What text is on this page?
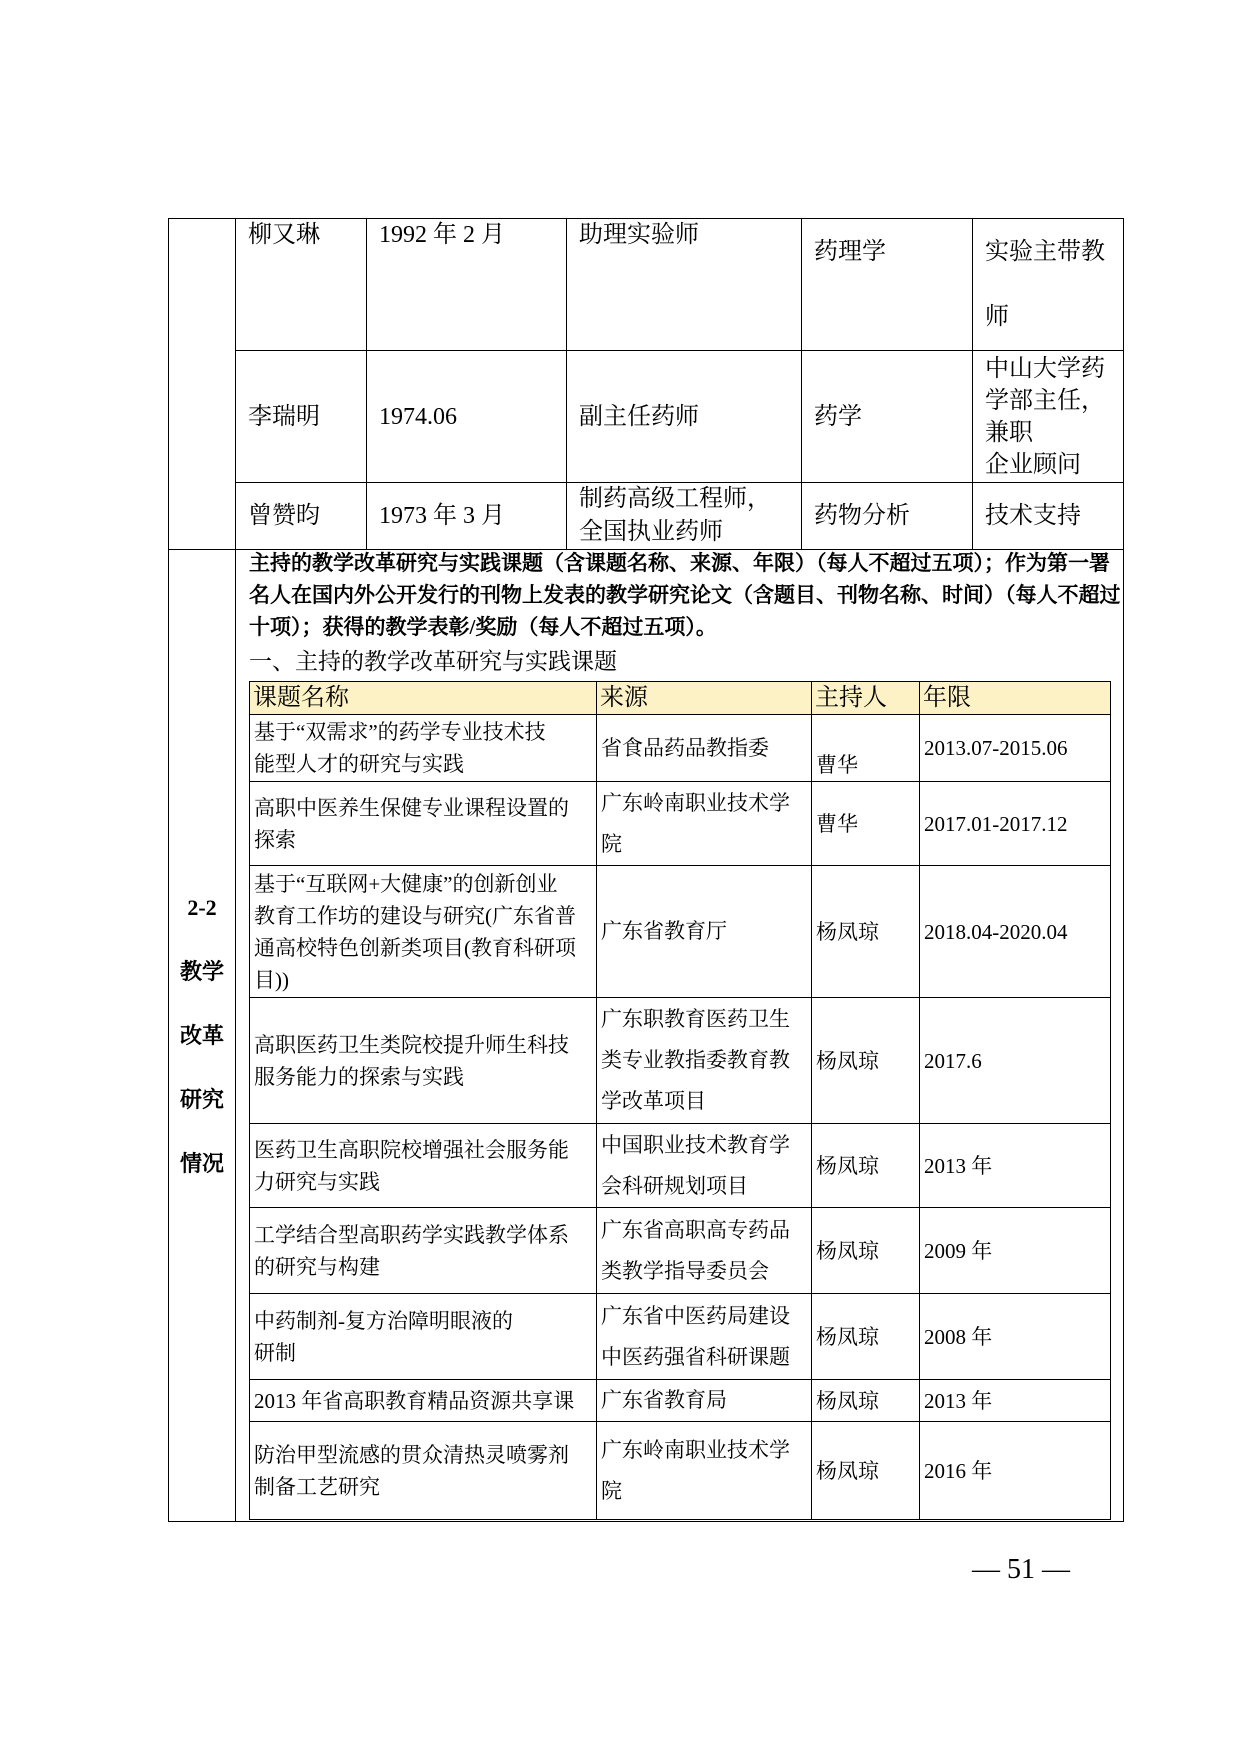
	柳又琳	1992 年 2 月	助理实验师	药理学	实验主带教
师
李瑞明	1974.06	副主任药师	药学	中山大学药
学部主任，
兼职
企业顾问
曾赞昀	1973 年 3 月	制药高级工程师，
全国执业药师	药物分析	技术支持

2-2
教学
改革
研究
情况

主持的教学改革研究与实践课题（含课题名称、来源、年限）（每人不超过五项）；作为第一署名人在国内外公开发行的刊物上发表的教学研究论文（含题目、刊物名称、时间）（每人不超过十项）；获得的教学表彰/奖励（每人不超过五项）。
一、主持的教学改革研究与实践课题
课题名称	来源	主持人	年限
基于“双需求”的药学专业技术技
能型人才的研究与实践	省食品药品教指委	曹华	2013.07-2015.06
高职中医养生保健专业课程设置的
探索	广东岭南职业技术学
院	曹华	2017.01-2017.12
基于“互联网+大健康”的创新创业
教育工作坊的建设与研究(广东省普
通高校特色创新类项目(教育科研项
目))	广东省教育厅	杨凤琼	2018.04-2020.04
高职医药卫生类院校提升师生科技
服务能力的探索与实践	广东职教育医药卫生
类专业教指委教育教
学改革项目	杨凤琼	2017.6
医药卫生高职院校增强社会服务能
力研究与实践	中国职业技术教育学
会科研规划项目	杨凤琼	2013 年
工学结合型高职药学实践教学体系
的研究与构建	广东省高职高专药品
类教学指导委员会	杨凤琼	2009 年
中药制剂-复方治障明眼液的
研制	广东省中医药局建设
中医药强省科研课题	杨凤琼	2008 年
2013 年省高职教育精品资源共享课	广东省教育局	杨凤琼	2013 年
防治甲型流感的贯众清热灵喷雾剂
制备工艺研究	广东岭南职业技术学
院	杨凤琼	2016 年
— 51 —
